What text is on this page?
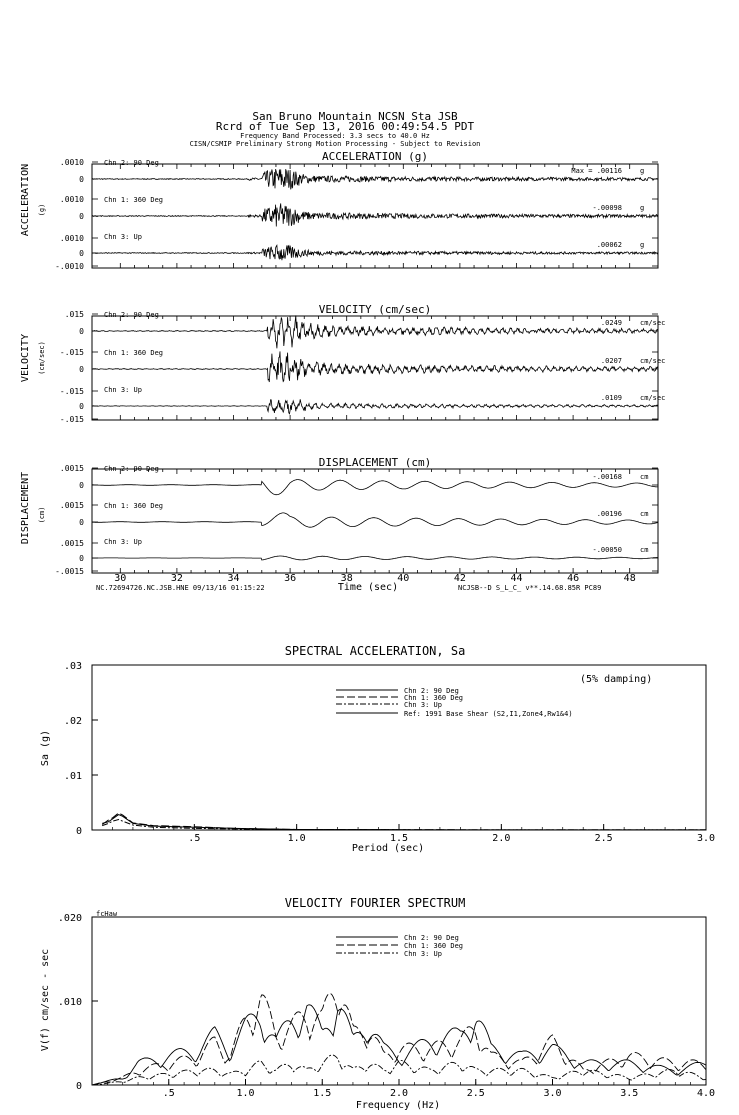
San Bruno Mountain NCSN Sta JSB
Rcrd of Tue Sep 13, 2016 00:49:54.5 PDT
Frequency Band Processed: 3.3 secs to 40.0 Hz
CISN/CSMIP Preliminary Strong Motion Processing - Subject to Revision
ACCELERATION (g)
VELOCITY (cm/sec)
DISPLACEMENT (cm)
ACCELERATION (g)
VELOCITY (cm/sec)
DISPLACEMENT (cm)
.0010
0
Chn 2: 90 Deg
Max = .00116	g
.0010
0
Chn 1: 360 Deg
-.00098	g
.0010
0
-.0010
Chn 3: Up
.00062	g
.015
0
Chn 2: 90 Deg
.0249	cm/sec
-.015
0
Chn 1: 360 Deg
.0207	cm/sec
-.015
0
-.015
Chn 3: Up
.0109	cm/sec
.0015
0
Chn 2: 90 Deg
-.00168	cm
.0015
0
Chn 1: 360 Deg
.00196	cm
.0015
0
-.0015
Chn 3: Up
-.00050	cm
30	32	34	36	38	40	42	44	46	48
Time (sec)
NC.72694726.NC.JSB.HNE 09/13/16 01:15:22	NCJSB--D S_L_C_ v**.14.68.85R PC89
SPECTRAL ACCELERATION, Sa
Sa (g)
Period (sec)
(5% damping)
0
.01
.02
.03
.5	1.0	1.5	2.0	2.5	3.0
Chn 2: 90 Deg
Chn 1: 360 Deg
Chn 3: Up
Ref: 1991 Base Shear (S2,I1,Zone4,Rw1&4)
VELOCITY FOURIER SPECTRUM
V(f) cm/sec - sec
Frequency (Hz)
fcHaw
0
.010
.020
.5	1.0	1.5	2.0	2.5	3.0	3.5	4.0
Chn 2: 90 Deg
Chn 1: 360 Deg
Chn 3: Up
